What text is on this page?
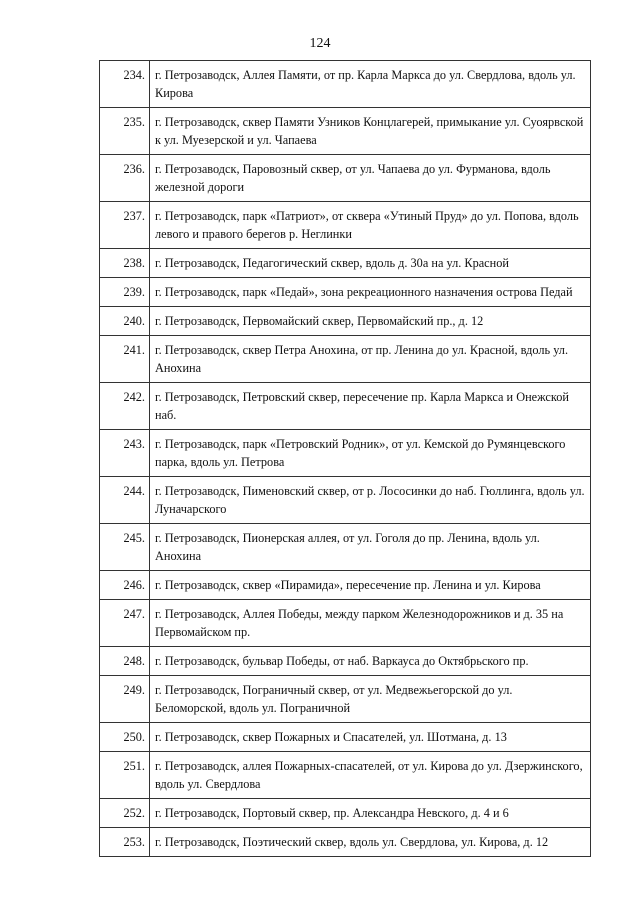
124
234.	г. Петрозаводск, Аллея Памяти, от пр. Карла Маркса до ул. Свердлова, вдоль ул. Кирова
235.	г. Петрозаводск, сквер Памяти Узников Концлагерей, примыкание ул. Суоярвской к ул. Муезерской и ул. Чапаева
236.	г. Петрозаводск, Паровозный сквер, от ул. Чапаева до ул. Фурманова, вдоль железной дороги
237.	г. Петрозаводск, парк «Патриот», от сквера «Утиный Пруд» до ул. Попова, вдоль левого и правого берегов р. Неглинки
238.	г. Петрозаводск, Педагогический сквер, вдоль д. 30а на ул. Красной
239.	г. Петрозаводск, парк «Педай», зона рекреационного назначения острова Педай
240.	г. Петрозаводск, Первомайский сквер, Первомайский пр., д. 12
241.	г. Петрозаводск, сквер Петра Анохина, от пр. Ленина до ул. Красной, вдоль ул. Анохина
242.	г. Петрозаводск, Петровский сквер, пересечение пр. Карла Маркса и Онежской наб.
243.	г. Петрозаводск, парк «Петровский Родник», от ул. Кемской до Румянцевского парка, вдоль ул. Петрова
244.	г. Петрозаводск, Пименовский сквер, от р. Лососинки до наб. Гюллинга, вдоль ул. Луначарского
245.	г. Петрозаводск, Пионерская аллея, от ул. Гоголя до пр. Ленина, вдоль ул. Анохина
246.	г. Петрозаводск, сквер «Пирамида», пересечение пр. Ленина и ул. Кирова
247.	г. Петрозаводск, Аллея Победы, между парком Железнодорожников и д. 35 на Первомайском пр.
248.	г. Петрозаводск, бульвар Победы, от наб. Варкауса до Октябрьского пр.
249.	г. Петрозаводск, Пограничный сквер, от ул. Медвежьегорской до ул. Беломорской, вдоль ул. Пограничной
250.	г. Петрозаводск, сквер Пожарных и Спасателей, ул. Шотмана, д. 13
251.	г. Петрозаводск, аллея Пожарных-спасателей, от ул. Кирова до ул. Дзержинского, вдоль ул. Свердлова
252.	г. Петрозаводск, Портовый сквер, пр. Александра Невского, д. 4 и 6
253.	г. Петрозаводск, Поэтический сквер, вдоль ул. Свердлова, ул. Кирова, д. 12
